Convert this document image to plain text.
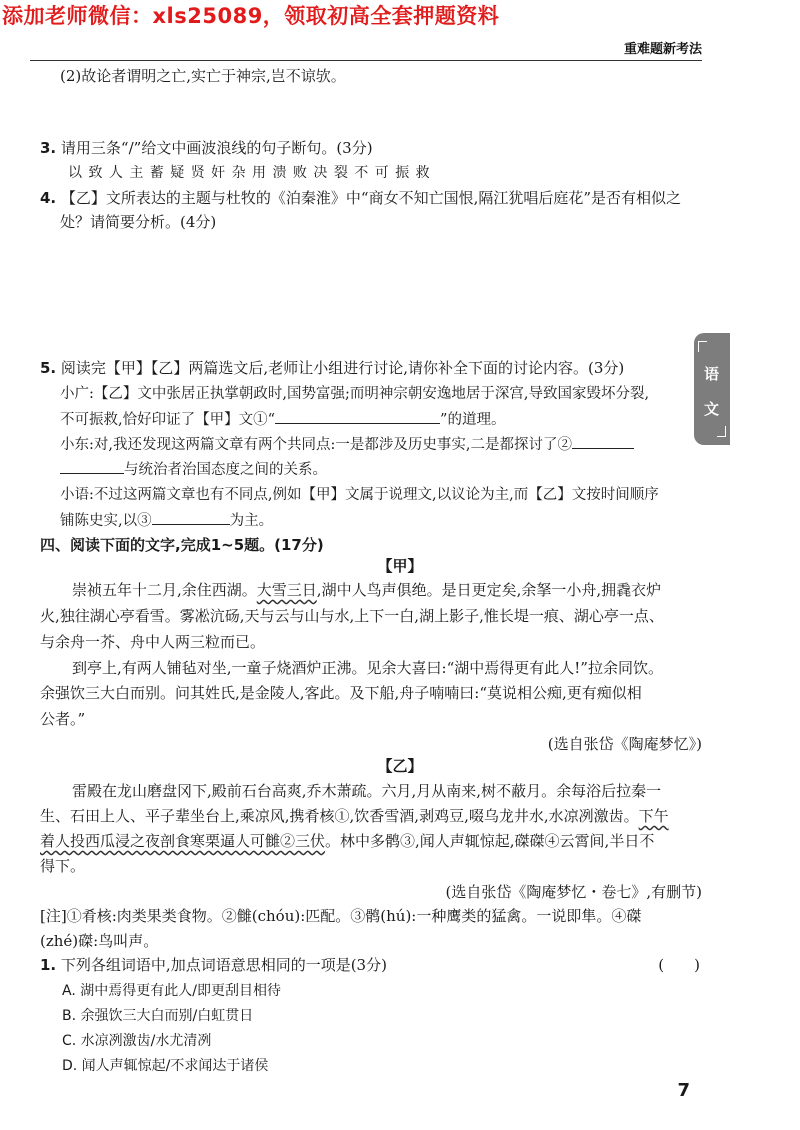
添加老师微信：xls25089，领取初高全套押题资料
重难题新考法
语
文
(2)故论者谓明之亡,实亡于神宗,岂不谅欤。
3. 请用三条“/”给文中画波浪线的句子断句。(3分)
以 致 人 主 蓄 疑 贤 奸 杂 用 溃 败 决 裂 不 可 振 救
4. 【乙】文所表达的主题与杜牧的《泊秦淮》中“商女不知亡国恨,隔江犹唱后庭花”是否有相似之
处？请简要分析。(4分)
5. 阅读完【甲】【乙】两篇选文后,老师让小组进行讨论,请你补全下面的讨论内容。(3分)
小广:【乙】文中张居正执掌朝政时,国势富强;而明神宗朝安逸地居于深宫,导致国家毁坏分裂,
不可振救,恰好印证了【甲】文①“	”的道理。
小东:对,我还发现这两篇文章有两个共同点:一是都涉及历史事实,二是都探讨了②
与统治者治国态度之间的关系。
小语:不过这两篇文章也有不同点,例如【甲】文属于说理文,以议论为主,而【乙】文按时间顺序
铺陈史实,以③	为主。
四、阅读下面的文字,完成1~5题。(17分)
【甲】
崇祯五年十二月,余住西湖。大雪三日,湖中人鸟声俱绝。是日更定矣,余拏一小舟,拥毳衣炉
火,独往湖心亭看雪。雾凇沆砀,天与云与山与水,上下一白,湖上影子,惟长堤一痕、湖心亭一点、
与余舟一芥、舟中人两三粒而已。
到亭上,有两人铺毡对坐,一童子烧酒炉正沸。见余大喜曰:“湖中焉得更有此人!”拉余同饮。
余强饮三大白而别。问其姓氏,是金陵人,客此。及下船,舟子喃喃曰:“莫说相公痴,更有痴似相
公者。”
(选自张岱《陶庵梦忆》)
【乙】
雷殿在龙山磨盘冈下,殿前石台高爽,乔木萧疏。六月,月从南来,树不蔽月。余每浴后拉秦一
生、石田上人、平子辈坐台上,乘凉风,携肴核①,饮香雪酒,剥鸡豆,啜乌龙井水,水凉冽激齿。下午
着人投西瓜浸之夜剖食寒栗逼人可雠②三伏。林中多鹘③,闻人声辄惊起,磔磔④云霄间,半日不
得下。
(选自张岱《陶庵梦忆・卷七》,有删节)
[注]①肴核:肉类果类食物。②雠(chóu):匹配。③鹘(hú):一种鹰类的猛禽。一说即隼。④磔
(zhé)磔:鸟叫声。
1. 下列各组词语中,加点词语意思相同的一项是(3分)	(　　)
A. 湖中焉得更有此人/即更刮目相待
B. 余强饮三大白而别/白虹贯日
C. 水凉冽激齿/水尤清冽
D. 闻人声辄惊起/不求闻达于诸侯
7
